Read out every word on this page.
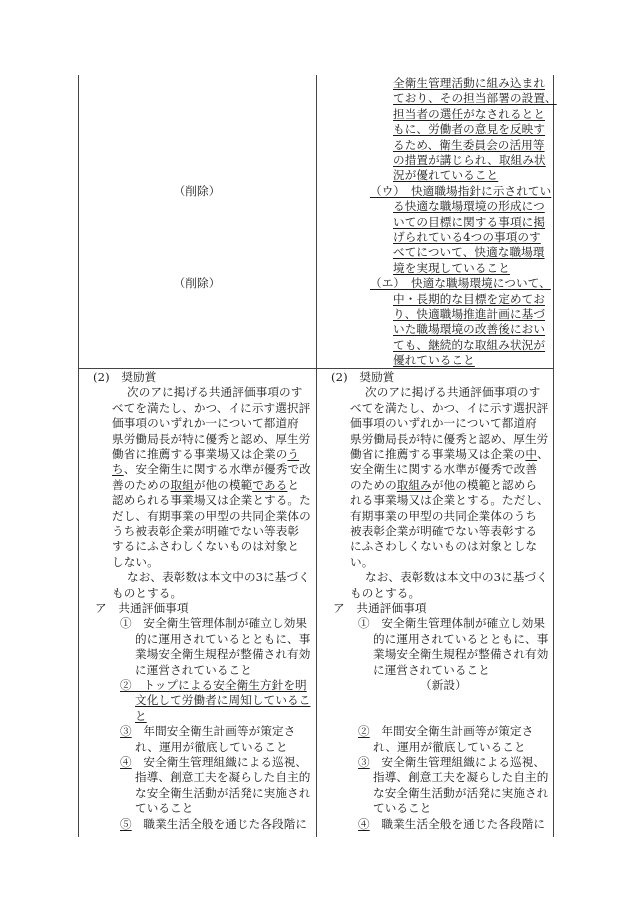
（削除）
（削除）
全衛生管理活動に組み込まれ
ており、その担当部署の設置、
担当者の選任がなされるとと
もに、労働者の意見を反映す
るため、衛生委員会の活用等
の措置が講じられ、取組み状
況が優れていること
（ウ）　快適職場指針に示されてい
る快適な職場環境の形成につ
いての目標に関する事項に掲
げられている4つの事項のす
べてについて、快適な職場環
境を実現していること
（エ）　快適な職場環境について、
中・長期的な目標を定めてお
り、快適職場推進計画に基づ
いた職場環境の改善後におい
ても、継続的な取組み状況が
優れていること
(2)　奨励賞
次のアに掲げる共通評価事項のす
べてを満たし、かつ、イに示す選択評
価事項のいずれか一について都道府
県労働局長が特に優秀と認め、厚生労
働省に推薦する事業場又は企業のう
ち、安全衛生に関する水準が優秀で改
善のための取組が他の模範であると
認められる事業場又は企業とする。た
だし、有期事業の甲型の共同企業体の
うち被表彰企業が明確でない等表彰
するにふさわしくないものは対象と
しない。
なお、表彰数は本文中の3に基づく
ものとする。
ア　共通評価事項
①　安全衛生管理体制が確立し効果
的に運用されているとともに、事
業場安全衛生規程が整備され有効
に運営されていること
②　トップによる安全衛生方針を明
文化して労働者に周知しているこ
と
③　年間安全衛生計画等が策定さ
れ、運用が徹底していること
④　安全衛生管理組織による巡視、
指導、創意工夫を凝らした自主的
な安全衛生活動が活発に実施され
ていること
⑤　職業生活全般を通じた各段階に
(2)　奨励賞
次のアに掲げる共通評価事項のす
べてを満たし、かつ、イに示す選択評
価事項のいずれか一について都道府
県労働局長が特に優秀と認め、厚生労
働省に推薦する事業場又は企業の中、
安全衛生に関する水準が優秀で改善
のための取組みが他の模範と認めら
れる事業場又は企業とする。ただし、
有期事業の甲型の共同企業体のうち
被表彰企業が明確でない等表彰する
にふさわしくないものは対象としな
い。
なお、表彰数は本文中の3に基づく
ものとする。
ア　共通評価事項
①　安全衛生管理体制が確立し効果
的に運用されているとともに、事
業場安全衛生規程が整備され有効
に運営されていること
（新設）
②　年間安全衛生計画等が策定さ
れ、運用が徹底していること
③　安全衛生管理組織による巡視、
指導、創意工夫を凝らした自主的
な安全衛生活動が活発に実施され
ていること
④　職業生活全般を通じた各段階に
